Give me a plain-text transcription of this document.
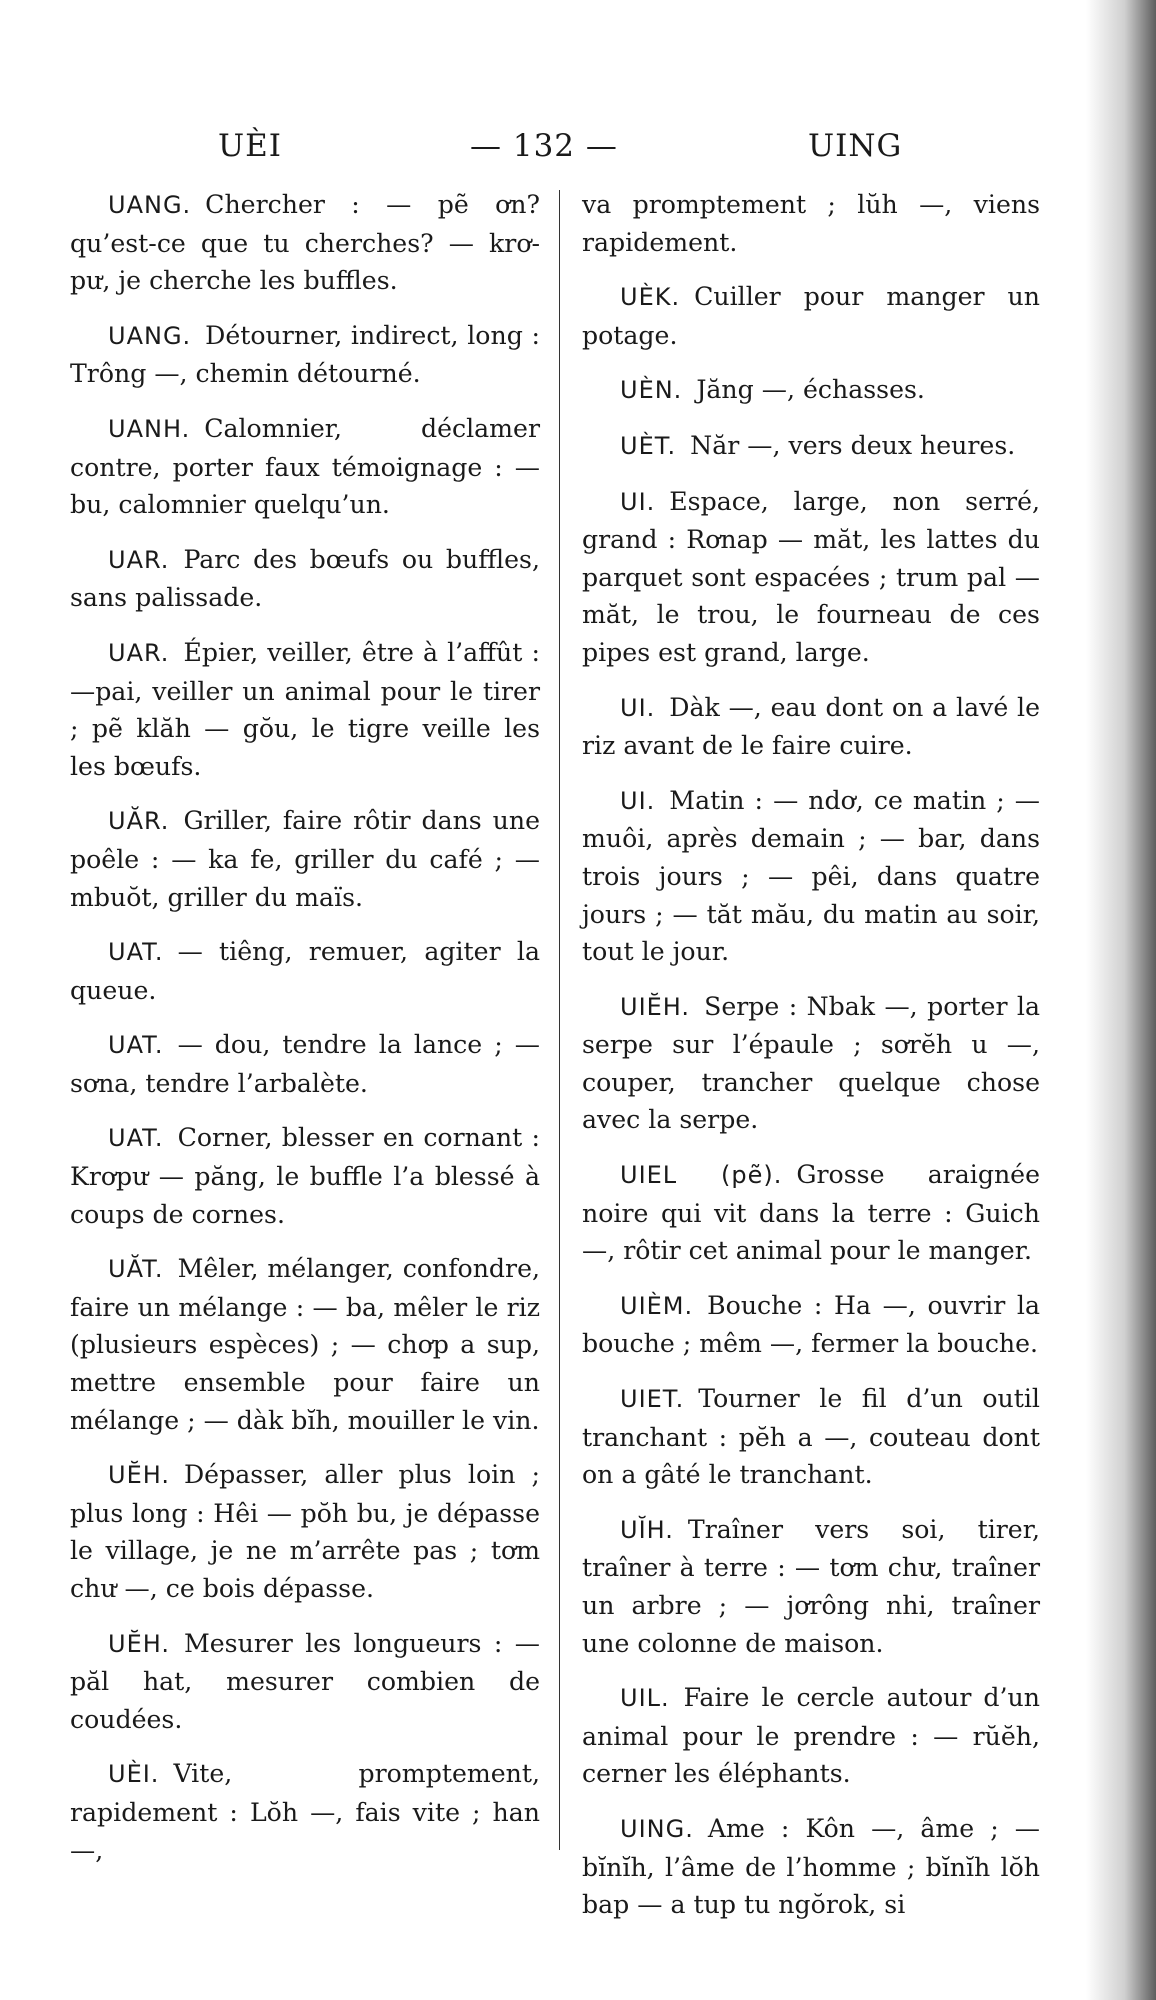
UÈI	— 132 —	UING

UANG. Chercher : — pẽ ơn? qu’est-ce que tu cherches? — krơ-pư, je cherche les buffles.

UANG. Détourner, indirect, long : Trông —, chemin détourné.

UANH. Calomnier, déclamer contre, porter faux témoignage : — bu, calomnier quelqu’un.

UAR. Parc des bœufs ou buffles, sans palissade.

UAR. Épier, veiller, être à l’affût : —pai, veiller un animal pour le tirer ; pẽ klăh — gŏu, le tigre veille les les bœufs.

UĂR. Griller, faire rôtir dans une poêle : — ka fe, griller du café ; — mbuŏt, griller du maïs.

UAT. — tiêng, remuer, agiter la queue.

UAT. — dou, tendre la lance ; — sơna, tendre l’arbalète.

UAT. Corner, blesser en cornant : Krơpư — păng, le buffle l’a blessé à coups de cornes.

UĂT. Mêler, mélanger, confondre, faire un mélange : — ba, mêler le riz (plusieurs espèces) ; — chơp a sup, mettre ensemble pour faire un mélange ; — dàk bĭh, mouiller le vin.

UĔH. Dépasser, aller plus loin ; plus long : Hêi — pŏh bu, je dépasse le village, je ne m’arrête pas ; tơm chư —, ce bois dépasse.

UĔH. Mesurer les longueurs : — păl hat, mesurer combien de coudées.

UÈI. Vite, promptement, rapidement : Lŏh —, fais vite ; han —,

va promptement ; lŭh —, viens rapidement.

UÈK. Cuiller pour manger un potage.

UÈN. Jăng —, échasses.

UÈT. Năr —, vers deux heures.

UI. Espace, large, non serré, grand : Rơnap — măt, les lattes du parquet sont espacées ; trum pal — măt, le trou, le fourneau de ces pipes est grand, large.

UI. Dàk —, eau dont on a lavé le riz avant de le faire cuire.

UI. Matin : — ndơ, ce matin ; — muôi, après demain ; — bar, dans trois jours ; — pêi, dans quatre jours ; — tăt mău, du matin au soir, tout le jour.

UIĔH. Serpe : Nbak —, porter la serpe sur l’épaule ; sơrĕh u —, couper, trancher quelque chose avec la serpe.

UIEL (pẽ). Grosse araignée noire qui vit dans la terre : Guich —, rôtir cet animal pour le manger.

UIÈM. Bouche : Ha —, ouvrir la bouche ; mêm —, fermer la bouche.

UIET. Tourner le fil d’un outil tranchant : pĕh a —, couteau dont on a gâté le tranchant.

UĬH. Traîner vers soi, tirer, traîner à terre : — tơm chư, traîner un arbre ; — jơrông nhi, traîner une colonne de maison.

UIL. Faire le cercle autour d’un animal pour le prendre : — rŭĕh, cerner les éléphants.

UING. Ame : Kôn —, âme ; — bĭnĭh, l’âme de l’homme ; bĭnĭh lŏh bap — a tup tu ngŏrok, si
